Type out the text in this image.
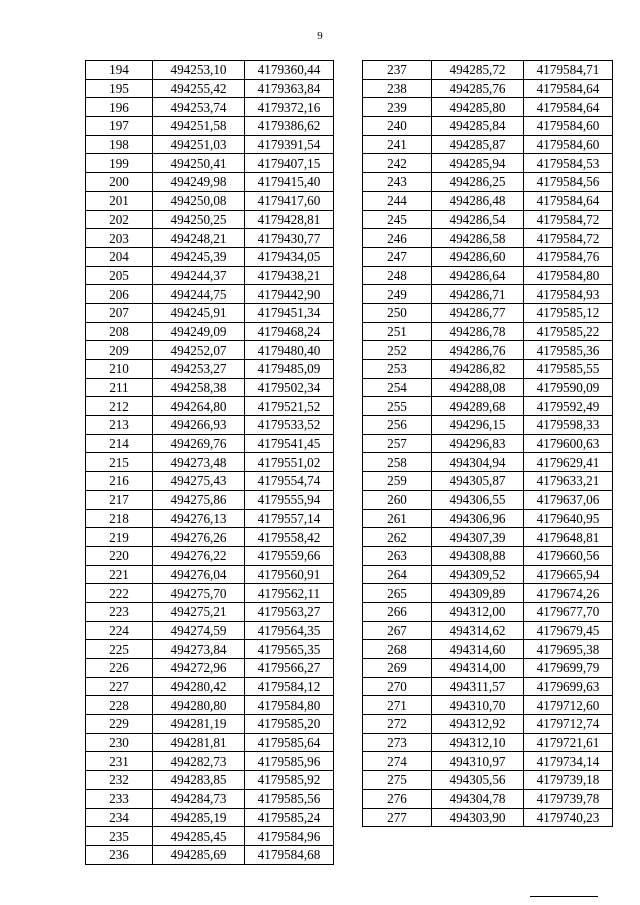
9
194	494253,10	4179360,44
195	494255,42	4179363,84
196	494253,74	4179372,16
197	494251,58	4179386,62
198	494251,03	4179391,54
199	494250,41	4179407,15
200	494249,98	4179415,40
201	494250,08	4179417,60
202	494250,25	4179428,81
203	494248,21	4179430,77
204	494245,39	4179434,05
205	494244,37	4179438,21
206	494244,75	4179442,90
207	494245,91	4179451,34
208	494249,09	4179468,24
209	494252,07	4179480,40
210	494253,27	4179485,09
211	494258,38	4179502,34
212	494264,80	4179521,52
213	494266,93	4179533,52
214	494269,76	4179541,45
215	494273,48	4179551,02
216	494275,43	4179554,74
217	494275,86	4179555,94
218	494276,13	4179557,14
219	494276,26	4179558,42
220	494276,22	4179559,66
221	494276,04	4179560,91
222	494275,70	4179562,11
223	494275,21	4179563,27
224	494274,59	4179564,35
225	494273,84	4179565,35
226	494272,96	4179566,27
227	494280,42	4179584,12
228	494280,80	4179584,80
229	494281,19	4179585,20
230	494281,81	4179585,64
231	494282,73	4179585,96
232	494283,85	4179585,92
233	494284,73	4179585,56
234	494285,19	4179585,24
235	494285,45	4179584,96
236	494285,69	4179584,68
237	494285,72	4179584,71
238	494285,76	4179584,64
239	494285,80	4179584,64
240	494285,84	4179584,60
241	494285,87	4179584,60
242	494285,94	4179584,53
243	494286,25	4179584,56
244	494286,48	4179584,64
245	494286,54	4179584,72
246	494286,58	4179584,72
247	494286,60	4179584,76
248	494286,64	4179584,80
249	494286,71	4179584,93
250	494286,77	4179585,12
251	494286,78	4179585,22
252	494286,76	4179585,36
253	494286,82	4179585,55
254	494288,08	4179590,09
255	494289,68	4179592,49
256	494296,15	4179598,33
257	494296,83	4179600,63
258	494304,94	4179629,41
259	494305,87	4179633,21
260	494306,55	4179637,06
261	494306,96	4179640,95
262	494307,39	4179648,81
263	494308,88	4179660,56
264	494309,52	4179665,94
265	494309,89	4179674,26
266	494312,00	4179677,70
267	494314,62	4179679,45
268	494314,60	4179695,38
269	494314,00	4179699,79
270	494311,57	4179699,63
271	494310,70	4179712,60
272	494312,92	4179712,74
273	494312,10	4179721,61
274	494310,97	4179734,14
275	494305,56	4179739,18
276	494304,78	4179739,78
277	494303,90	4179740,23
